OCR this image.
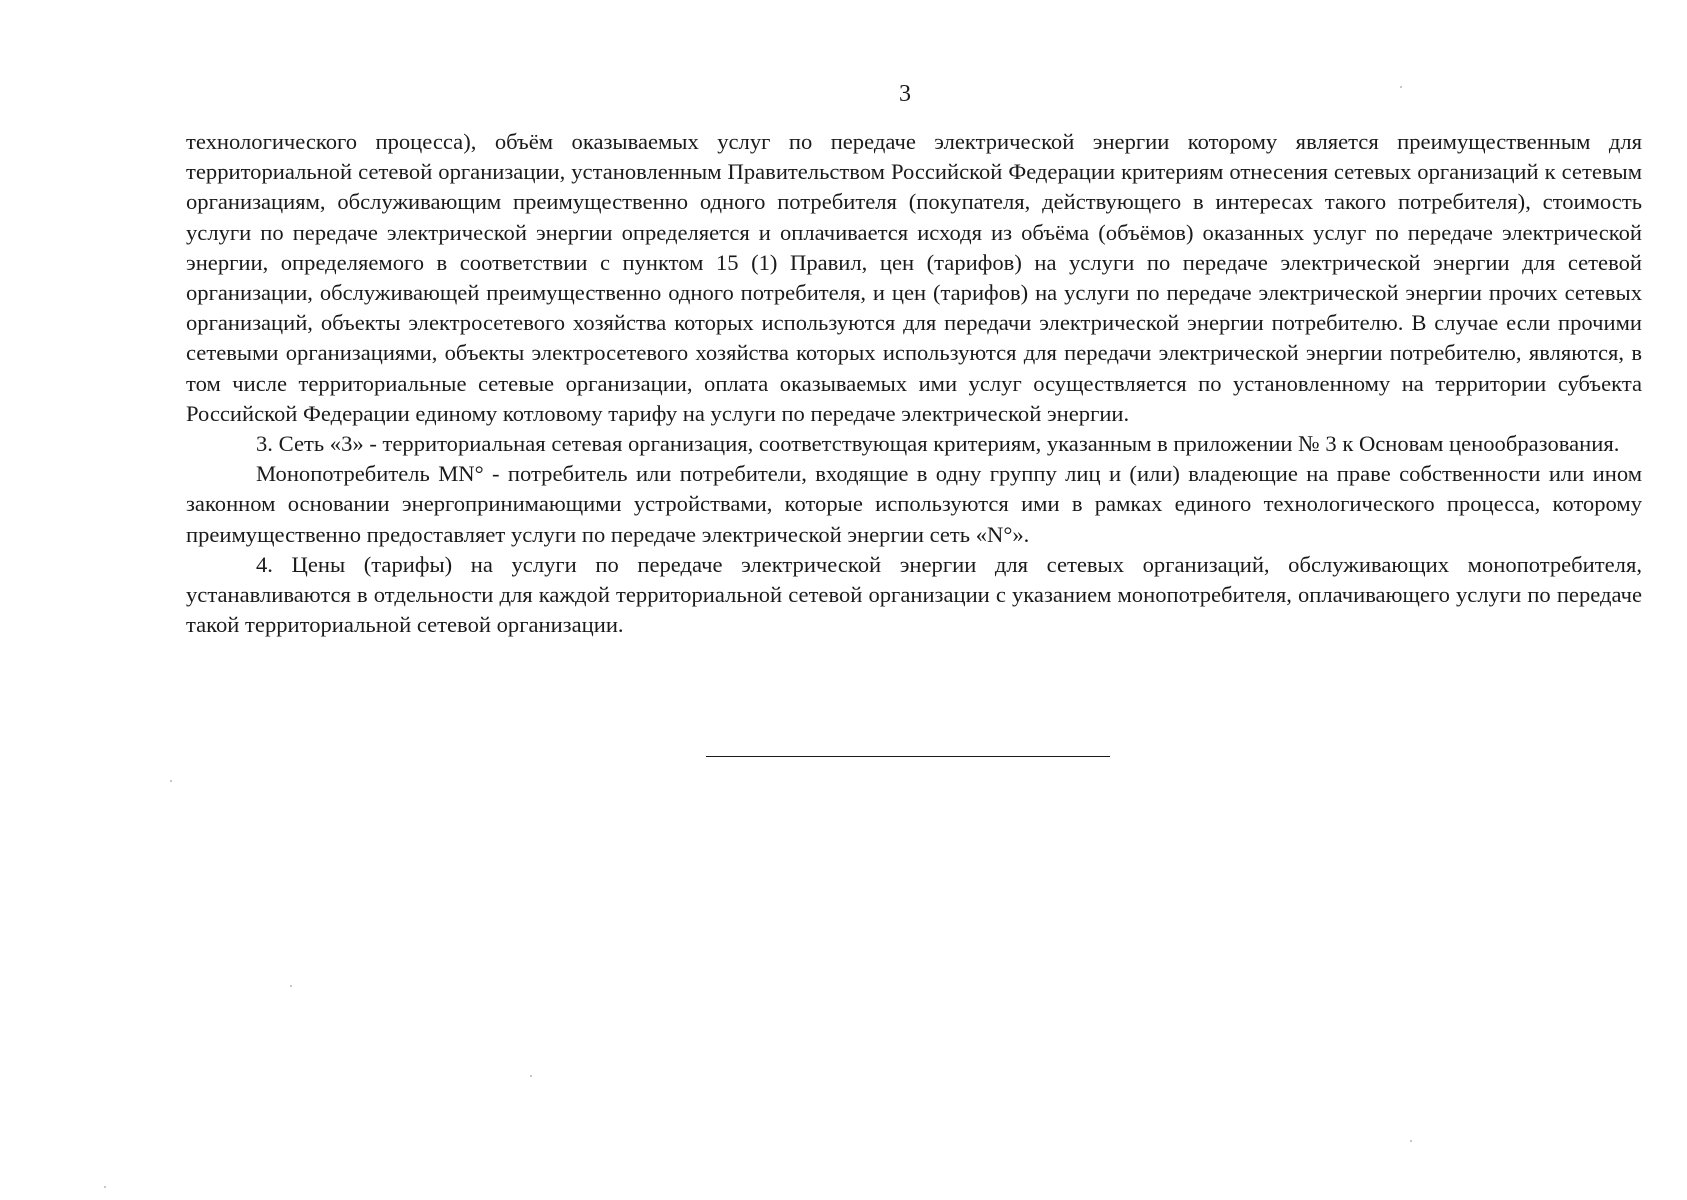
3

технологического процесса), объём оказываемых услуг по передаче электрической энергии которому является преимущественным для территориальной сетевой организации, установленным Правительством Российской Федерации критериям отнесения сетевых организаций к сетевым организациям, обслуживающим преимущественно одного потребителя (покупателя, действующего в интересах такого потребителя), стоимость услуги по передаче электрической энергии определяется и оплачивается исходя из объёма (объёмов) оказанных услуг по передаче электрической энергии, определяемого в соответствии с пунктом 15 (1) Правил, цен (тарифов) на услуги по передаче электрической энергии для сетевой организации, обслуживающей преимущественно одного потребителя, и цен (тарифов) на услуги по передаче электрической энергии прочих сетевых организаций, объекты электросетевого хозяйства которых используются для передачи электрической энергии потребителю. В случае если прочими сетевыми организациями, объекты электросетевого хозяйства которых используются для передачи электрической энергии потребителю, являются, в том числе территориальные сетевые организации, оплата оказываемых ими услуг осуществляется по установленному на территории субъекта Российской Федерации единому котловому тарифу на услуги по передаче электрической энергии.

3. Сеть «3» - территориальная сетевая организация, соответствующая критериям, указанным в приложении № 3 к Основам ценообразования.

Монопотребитель MN° - потребитель или потребители, входящие в одну группу лиц и (или) владеющие на праве собственности или ином законном основании энергопринимающими устройствами, которые используются ими в рамках единого технологического процесса, которому преимущественно предоставляет услуги по передаче электрической энергии сеть «N°».

4. Цены (тарифы) на услуги по передаче электрической энергии для сетевых организаций, обслуживающих монопотребителя, устанавливаются в отдельности для каждой территориальной сетевой организации с указанием монопотребителя, оплачивающего услуги по передаче такой территориальной сетевой организации.
